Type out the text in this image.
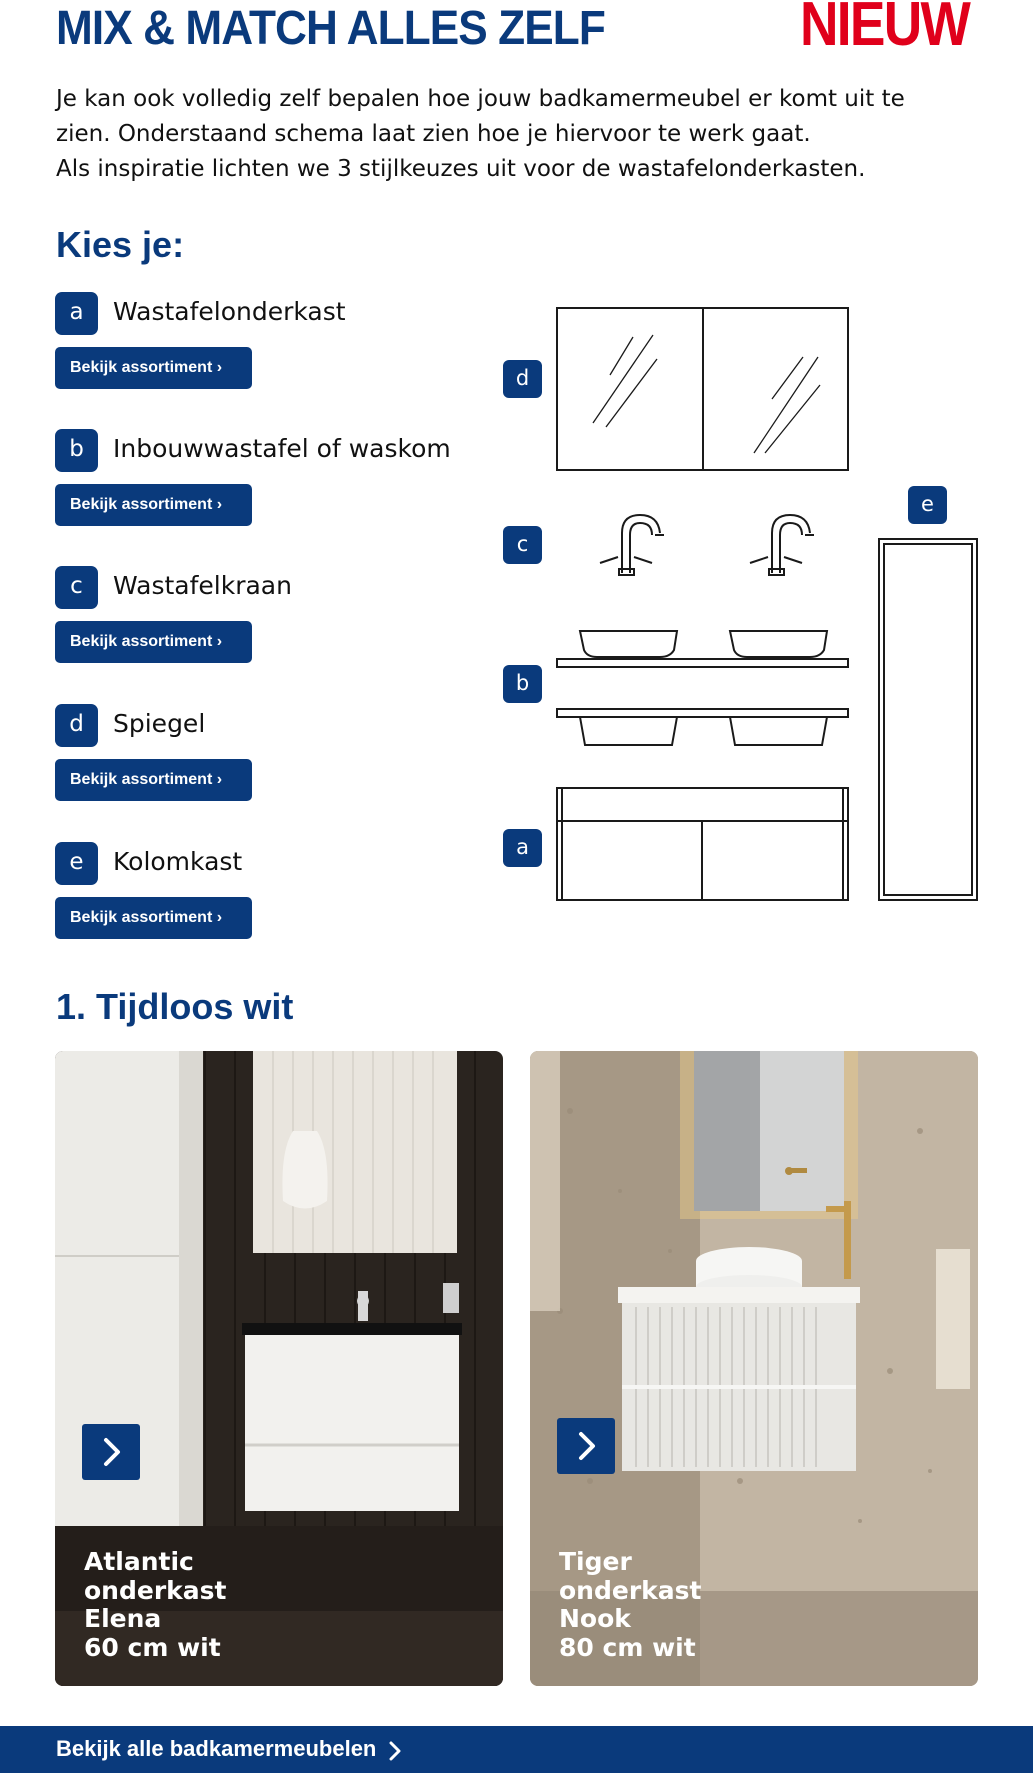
MIX & MATCH ALLES ZELF	NIEUW

Je kan ook volledig zelf bepalen hoe jouw badkamermeubel er komt uit te

zien. Onderstaand schema laat zien hoe je hiervoor te werk gaat.

Als inspiratie lichten we 3 stijlkeuzes uit voor de wastafelonderkasten.

Kies je:
a	Wastafelonderkast
Bekijk assortiment ›
b	Inbouwwastafel of waskom
Bekijk assortiment ›
c	Wastafelkraan
Bekijk assortiment ›
d	Spiegel
Bekijk assortiment ›
e	Kolomkast
Bekijk assortiment ›
d
c
b
a
e
1. Tijdloos wit
Atlantic
onderkast
Elena
60 cm wit
Tiger
onderkast
Nook
80 cm wit
Bekijk alle badkamermeubelen
